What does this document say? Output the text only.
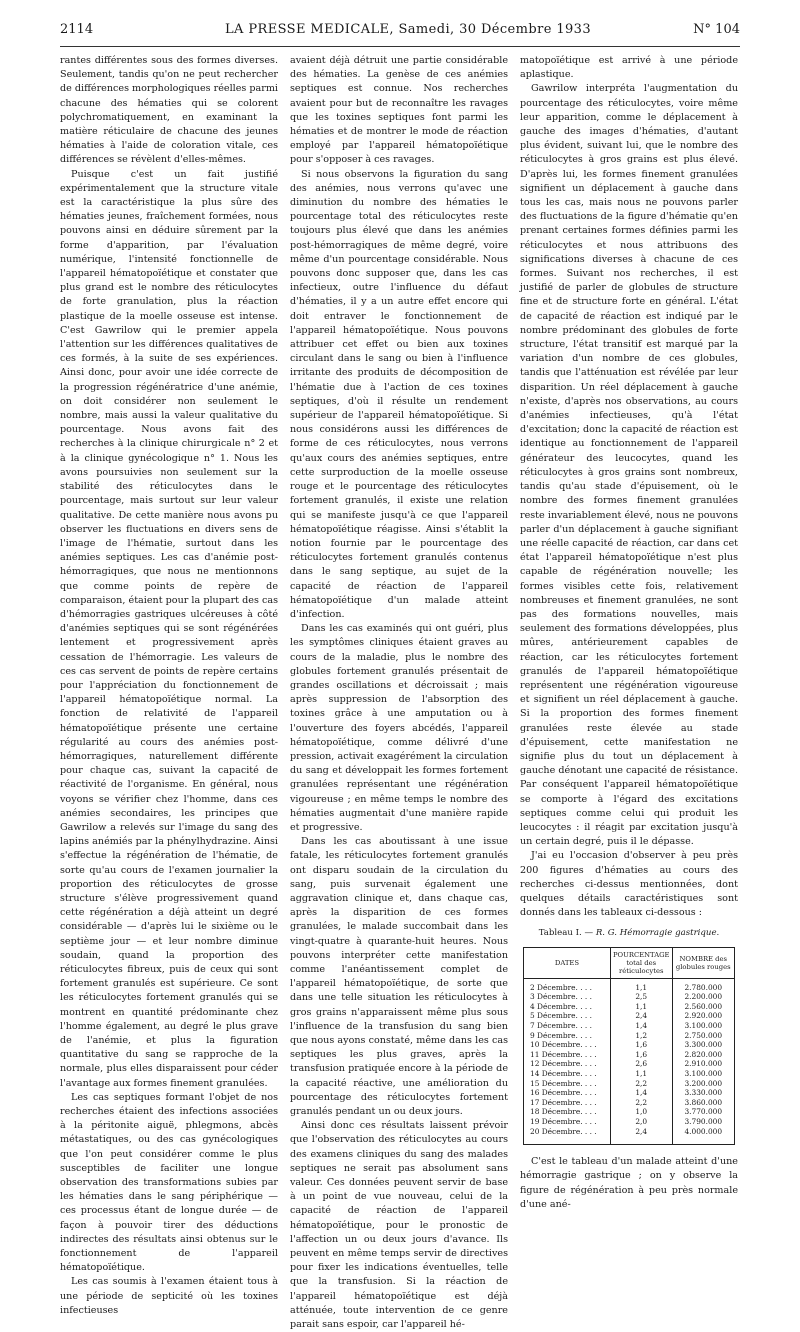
2114	LA PRESSE MEDICALE, Samedi, 30 Décembre 1933	N° 104

rantes différentes sous des formes diverses. Seulement, tandis qu'on ne peut rechercher de différences morphologiques réelles parmi chacune des hématies qui se colorent polychromatiquement, en examinant la matière réticulaire de chacune des jeunes hématies à l'aide de coloration vitale, ces différences se révèlent d'elles-mêmes.

Puisque c'est un fait justifié expérimentalement que la structure vitale est la caractéristique la plus sûre des hématies jeunes, fraîchement formées, nous pouvons ainsi en déduire sûrement par la forme d'apparition, par l'évaluation numérique, l'intensité fonctionnelle de l'appareil hématopoïétique et constater que plus grand est le nombre des réticulocytes de forte granulation, plus la réaction plastique de la moelle osseuse est intense. C'est Gawrilow qui le premier appela l'attention sur les différences qualitatives de ces formés, à la suite de ses expériences. Ainsi donc, pour avoir une idée correcte de la progression régénératrice d'une anémie, on doit considérer non seulement le nombre, mais aussi la valeur qualitative du pourcentage. Nous avons fait des recherches à la clinique chirurgicale n° 2 et à la clinique gynécologique n° 1. Nous les avons poursuivies non seulement sur la stabilité des réticulocytes dans le pourcentage, mais surtout sur leur valeur qualitative. De cette manière nous avons pu observer les fluctuations en divers sens de l'image de l'hématie, surtout dans les anémies septiques. Les cas d'anémie post-hémorragiques, que nous ne mentionnons que comme points de repère de comparaison, étaient pour la plupart des cas d'hémorragies gastriques ulcéreuses à côté d'anémies septiques qui se sont régénérées lentement et progressivement après cessation de l'hémorragie. Les valeurs de ces cas servent de points de repère certains pour l'appréciation du fonctionnement de l'appareil hématopoïétique normal. La fonction de relativité de l'appareil hématopoïétique présente une certaine régularité au cours des anémies post-hémorragiques, naturellement différente pour chaque cas, suivant la capacité de réactivité de l'organisme. En général, nous voyons se vérifier chez l'homme, dans ces anémies secondaires, les principes que Gawrilow a relevés sur l'image du sang des lapins anémiés par la phénylhydrazine. Ainsi s'effectue la régénération de l'hématie, de sorte qu'au cours de l'examen journalier la proportion des réticulocytes de grosse structure s'élève progressivement quand cette régénération a déjà atteint un degré considérable — d'après lui le sixième ou le septième jour — et leur nombre diminue soudain, quand la proportion des réticulocytes fibreux, puis de ceux qui sont fortement granulés est supérieure. Ce sont les réticulocytes fortement granulés qui se montrent en quantité prédominante chez l'homme également, au degré le plus grave de l'anémie, et plus la figuration quantitative du sang se rapproche de la normale, plus elles disparaissent pour céder l'avantage aux formes finement granulées.

Les cas septiques formant l'objet de nos recherches étaient des infections associées à la péritonite aiguë, phlegmons, abcès métastatiques, ou des cas gynécologiques que l'on peut considérer comme le plus susceptibles de faciliter une longue observation des transformations subies par les hématies dans le sang périphérique — ces processus étant de longue durée — de façon à pouvoir tirer des déductions indirectes des résultats ainsi obtenus sur le fonctionnement de l'appareil hématopoïétique.

Les cas soumis à l'examen étaient tous à une période de septicité où les toxines infectieuses

avaient déjà détruit une partie considérable des hématies. La genèse de ces anémies septiques est connue. Nos recherches avaient pour but de reconnaître les ravages que les toxines septiques font parmi les hématies et de montrer le mode de réaction employé par l'appareil hématopoïétique pour s'opposer à ces ravages.

Si nous observons la figuration du sang des anémies, nous verrons qu'avec une diminution du nombre des hématies le pourcentage total des réticulocytes reste toujours plus élevé que dans les anémies post-hémorragiques de même degré, voire même d'un pourcentage considérable. Nous pouvons donc supposer que, dans les cas infectieux, outre l'influence du défaut d'hématies, il y a un autre effet encore qui doit entraver le fonctionnement de l'appareil hématopoïétique. Nous pouvons attribuer cet effet ou bien aux toxines circulant dans le sang ou bien à l'influence irritante des produits de décomposition de l'hématie due à l'action de ces toxines septiques, d'où il résulte un rendement supérieur de l'appareil hématopoïétique. Si nous considérons aussi les différences de forme de ces réticulocytes, nous verrons qu'aux cours des anémies septiques, entre cette surproduction de la moelle osseuse rouge et le pourcentage des réticulocytes fortement granulés, il existe une relation qui se manifeste jusqu'à ce que l'appareil hématopoïétique réagisse. Ainsi s'établit la notion fournie par le pourcentage des réticulocytes fortement granulés contenus dans le sang septique, au sujet de la capacité de réaction de l'appareil hématopoïétique d'un malade atteint d'infection.

Dans les cas examinés qui ont guéri, plus les symptômes cliniques étaient graves au cours de la maladie, plus le nombre des globules fortement granulés présentait de grandes oscillations et décroissait ; mais après suppression de l'absorption des toxines grâce à une amputation ou à l'ouverture des foyers abcédés, l'appareil hématopoïétique, comme délivré d'une pression, activait exagérément la circulation du sang et développait les formes fortement granulées représentant une régénération vigoureuse ; en même temps le nombre des hématies augmentait d'une manière rapide et progressive.

Dans les cas aboutissant à une issue fatale, les réticulocytes fortement granulés ont disparu soudain de la circulation du sang, puis survenait également une aggravation clinique et, dans chaque cas, après la disparition de ces formes granulées, le malade succombait dans les vingt-quatre à quarante-huit heures. Nous pouvons interpréter cette manifestation comme l'anéantissement complet de l'appareil hématopoïétique, de sorte que dans une telle situation les réticulocytes à gros grains n'apparaissent même plus sous l'influence de la transfusion du sang bien que nous ayons constaté, même dans les cas septiques les plus graves, après la transfusion pratiquée encore à la période de la capacité réactive, une amélioration du pourcentage des réticulocytes fortement granulés pendant un ou deux jours.

Ainsi donc ces résultats laissent prévoir que l'observation des réticulocytes au cours des examens cliniques du sang des malades septiques ne serait pas absolument sans valeur. Ces données peuvent servir de base à un point de vue nouveau, celui de la capacité de réaction de l'appareil hématopoïétique, pour le pronostic de l'affection un ou deux jours d'avance. Ils peuvent en même temps servir de directives pour fixer les indications éventuelles, telle que la transfusion. Si la réaction de l'appareil hématopoïétique est déjà atténuée, toute intervention de ce genre parait sans espoir, car l'appareil hé-

matopoïétique est arrivé à une période aplastique.

Gawrilow interpréta l'augmentation du pourcentage des réticulocytes, voire même leur apparition, comme le déplacement à gauche des images d'hématies, d'autant plus évident, suivant lui, que le nombre des réticulocytes à gros grains est plus élevé. D'après lui, les formes finement granulées signifient un déplacement à gauche dans tous les cas, mais nous ne pouvons parler des fluctuations de la figure d'hématie qu'en prenant certaines formes définies parmi les réticulocytes et nous attribuons des significations diverses à chacune de ces formes. Suivant nos recherches, il est justifié de parler de globules de structure fine et de structure forte en général. L'état de capacité de réaction est indiqué par le nombre prédominant des globules de forte structure, l'état transitif est marqué par la variation d'un nombre de ces globules, tandis que l'atténuation est révélée par leur disparition. Un réel déplacement à gauche n'existe, d'après nos observations, au cours d'anémies infectieuses, qu'à l'état d'excitation; donc la capacité de réaction est identique au fonctionnement de l'appareil générateur des leucocytes, quand les réticulocytes à gros grains sont nombreux, tandis qu'au stade d'épuisement, où le nombre des formes finement granulées reste invariablement élevé, nous ne pouvons parler d'un déplacement à gauche signifiant une réelle capacité de réaction, car dans cet état l'appareil hématopoïétique n'est plus capable de régénération nouvelle; les formes visibles cette fois, relativement nombreuses et finement granulées, ne sont pas des formations nouvelles, mais seulement des formations développées, plus mûres, antérieurement capables de réaction, car les réticulocytes fortement granulés de l'appareil hématopoïétique représentent une régénération vigoureuse et signifient un réel déplacement à gauche. Si la proportion des formes finement granulées reste élevée au stade d'épuisement, cette manifestation ne signifie plus du tout un déplacement à gauche dénotant une capacité de résistance. Par conséquent l'appareil hématopoïétique se comporte à l'égard des excitations septiques comme celui qui produit les leucocytes : il réagit par excitation jusqu'à un certain degré, puis il le dépasse.

J'ai eu l'occasion d'observer à peu près 200 figures d'hématies au cours des recherches ci-dessus mentionnées, dont quelques détails caractéristiques sont donnés dans les tableaux ci-dessous :

Tableau I. — R. G. Hémorragie gastrique.
DATES	POURCENTAGE total des réticulocytes	NOMBRE des globules rouges
2 Décembre. . . .	1,1	2.780.000
3 Décembre. . . .	2,5	2.200.000
4 Décembre. . . .	1,1	2.560.000
5 Décembre. . . .	2,4	2.920.000
7 Décembre. . . .	1,4	3.100.000
9 Décembre. . . .	1,2	2.750.000
10 Décembre. . . .	1,6	3.300.000
11 Décembre. . . .	1,6	2.820.000
12 Décembre. . . .	2,6	2.910.000
14 Décembre. . . .	1,1	3.100.000
15 Décembre. . . .	2,2	3.200.000
16 Décembre. . . .	1,4	3.330.000
17 Décembre. . . .	2,2	3.860.000
18 Décembre. . . .	1,0	3.770.000
19 Décembre. . . .	2,0	3.790.000
20 Décembre. . . .	2,4	4.000.000

C'est le tableau d'un malade atteint d'une hémorragie gastrique ; on y observe la figure de régénération à peu près normale d'une ané-
